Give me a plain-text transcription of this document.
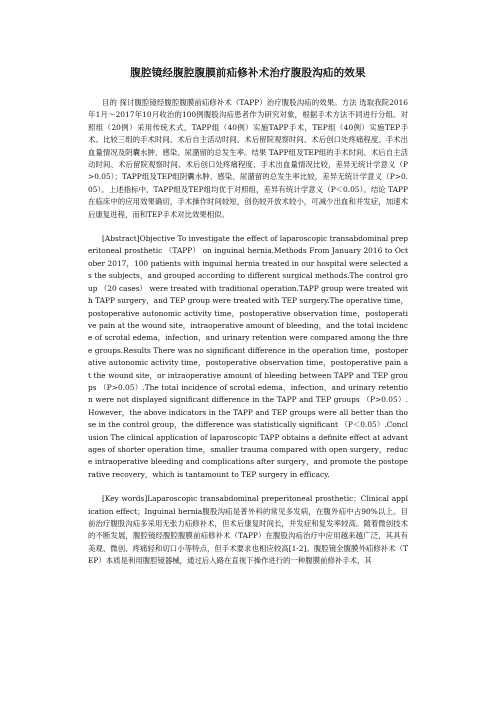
腹腔镜经腹腔腹膜前疝修补术治疗腹股沟疝的效果

目的 探讨腹腔镜经腹腔腹膜前疝修补术（TAPP）治疗腹股沟疝的效果。方法 选取我院2016年1月～2017年10月收治的100例腹股沟疝患者作为研究对象，根据手术方法不同进行分组。对照组（20例）采用传统术式，TAPP组（40例）实施TAPP手术，TEP组（40例）实施TEP手术。比较三组的手术时间、术后自主活动时间、术后留院观察时间、术后创口处疼痛程度、手术出血量情况及阴囊水肿、感染、尿潴留的总发生率。结果 TAPP组及TEP组的手术时间、术后自主活动时间、术后留院观察时间、术后创口处疼痛程度、手术出血量情况比较，差异无统计学意义（P>0.05）；TAPP组及TEP组阴囊水肿、感染、尿潴留的总发生率比较，差异无统计学意义（P>0.05）。上述指标中，TAPP组及TEP组均优于对照组，差异有统计学意义（P＜0.05）。结论 TAPP在临床中的应用效果确切，手术操作时间较短，创伤较开放术较小，可减少出血和并发症，加速术后康复进程，而和TEP手术对比效果相似。

[Abstract]Objective To investigate the effect of laparoscopic transabdominal preperitoneal prosthetic （TAPP） on inguinal hernia.Methods From January 2016 to October 2017，100 patients with inguinal hernia treated in our hospital were selected as the subjects，and grouped according to different surgical methods.The control group （20 cases） were treated with traditional operation.TAPP group were treated with TAPP surgery，and TEP group were treated with TEP surgery.The operative time，postoperative autonomic activity time，postoperative observation time，postoperative pain at the wound site，intraoperative amount of bleeding，and the total incidence of scrotal edema，infection，and urinary retention were compared among the three groups.Results There was no significant difference in the operation time，postoperative autonomic activity time，postoperative observation time，postoperative pain at the wound site，or intraoperative amount of bleeding between TAPP and TEP groups （P>0.05）.The total incidence of scrotal edema，infection，and urinary retention were not displayed significant difference in the TAPP and TEP groups （P>0.05）.However，the above indicators in the TAPP and TEP groups were all better than those in the control group，the difference was statistically significant （P＜0.05）.Conclusion The clinical application of laparoscopic TAPP obtains a definite effect at advantages of shorter operation time，smaller trauma compared with open surgery，reduce intraoperative bleeding and complications after surgery，and promote the postoperative recovery，which is tantamount to TEP surgery in efficacy.

[Key words]Laparoscopic transabdominal preperitoneal prosthetic；Clinical application effect；Inguinal hernia腹股沟疝是普外科的常见多发病，在腹外疝中占90%以上。目前治疗腹股沟疝多采用无张力疝修补术，但术后康复时间长，并发症和复发率较高。随着微创技术的不断发展，腹腔镜经腹腔腹膜前疝修补术（TAPP）在腹股沟疝治疗中应用越来越广泛，其具有美观、微创、疼痛轻和切口小等特点，但手术要求也相应较高[1-2]。腹腔镜全腹膜外疝修补术（TEP）本质是利用腹腔镜器械，通过后入路在直视下操作进行的一种腹膜前修补手术，其
